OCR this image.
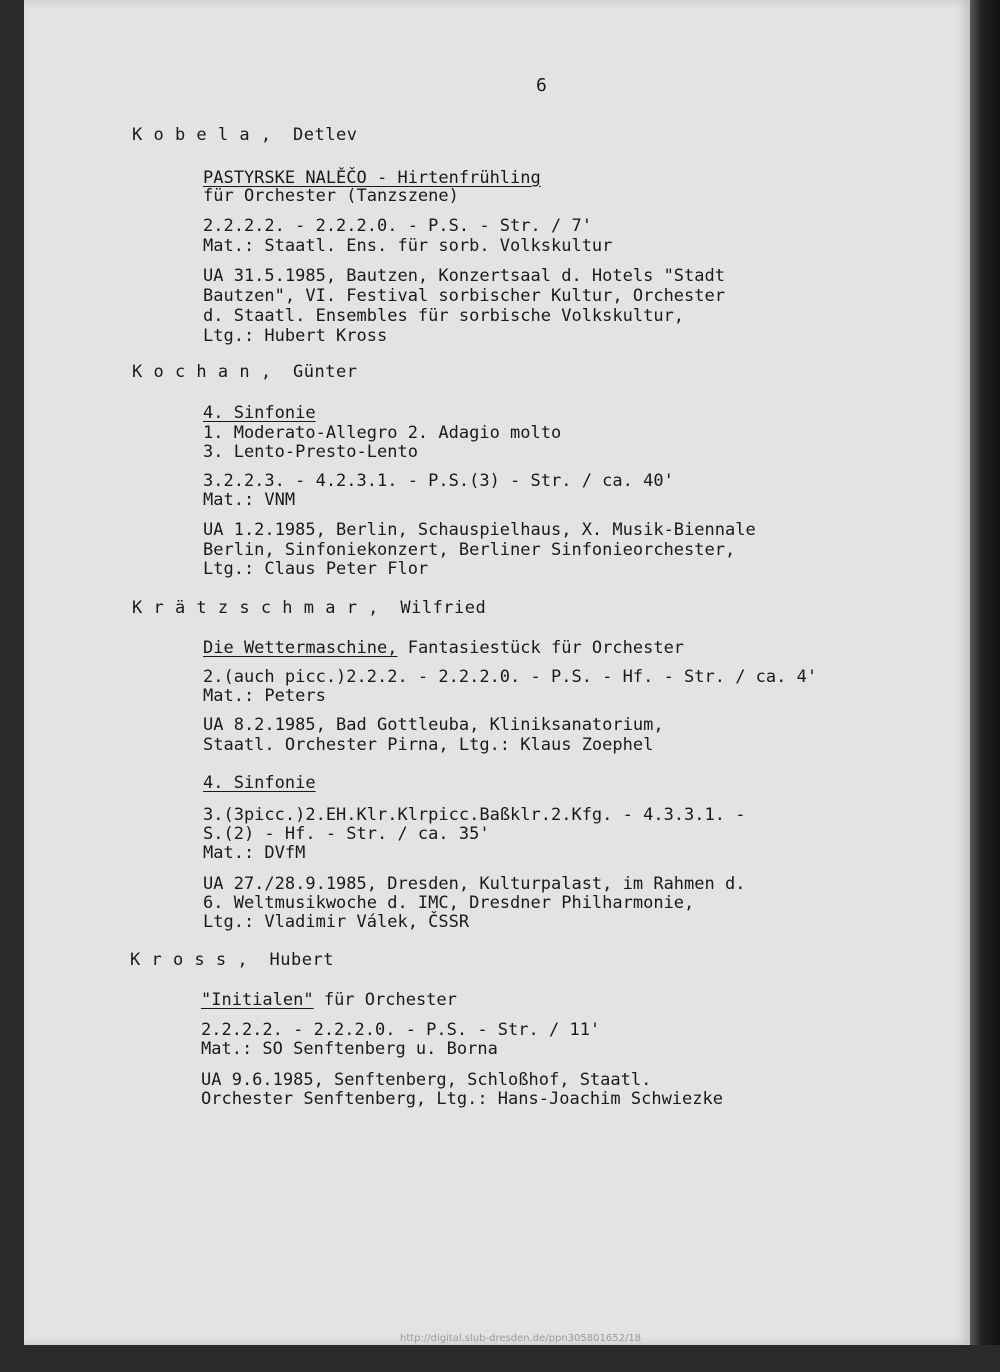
6
K o b e l a ,  Detlev
PASTYRSKE NALĚČO - Hirtenfrühling
für Orchester (Tanzszene)
2.2.2.2. - 2.2.2.0. - P.S. - Str. / 7'
Mat.: Staatl. Ens. für sorb. Volkskultur
UA 31.5.1985, Bautzen, Konzertsaal d. Hotels "Stadt
Bautzen", VI. Festival sorbischer Kultur, Orchester
d. Staatl. Ensembles für sorbische Volkskultur,
Ltg.: Hubert Kross
K o c h a n ,  Günter
4. Sinfonie
1. Moderato-Allegro 2. Adagio molto
3. Lento-Presto-Lento
3.2.2.3. - 4.2.3.1. - P.S.(3) - Str. / ca. 40'
Mat.: VNM
UA 1.2.1985, Berlin, Schauspielhaus, X. Musik-Biennale
Berlin, Sinfoniekonzert, Berliner Sinfonieorchester,
Ltg.: Claus Peter Flor
K r ä t z s c h m a r ,  Wilfried
Die Wettermaschine, Fantasiestück für Orchester
2.(auch picc.)2.2.2. - 2.2.2.0. - P.S. - Hf. - Str. / ca. 4'
Mat.: Peters
UA 8.2.1985, Bad Gottleuba, Kliniksanatorium,
Staatl. Orchester Pirna, Ltg.: Klaus Zoephel
4. Sinfonie
3.(3picc.)2.EH.Klr.Klrpicc.Baßklr.2.Kfg. - 4.3.3.1. -
S.(2) - Hf. - Str. / ca. 35'
Mat.: DVfM
UA 27./28.9.1985, Dresden, Kulturpalast, im Rahmen d.
6. Weltmusikwoche d. IMC, Dresdner Philharmonie,
Ltg.: Vladimir Válek, ČSSR
K r o s s ,  Hubert
"Initialen" für Orchester
2.2.2.2. - 2.2.2.0. - P.S. - Str. / 11'
Mat.: SO Senftenberg u. Borna
UA 9.6.1985, Senftenberg, Schloßhof, Staatl.
Orchester Senftenberg, Ltg.: Hans-Joachim Schwiezke
http://digital.slub-dresden.de/ppn305801652/18
